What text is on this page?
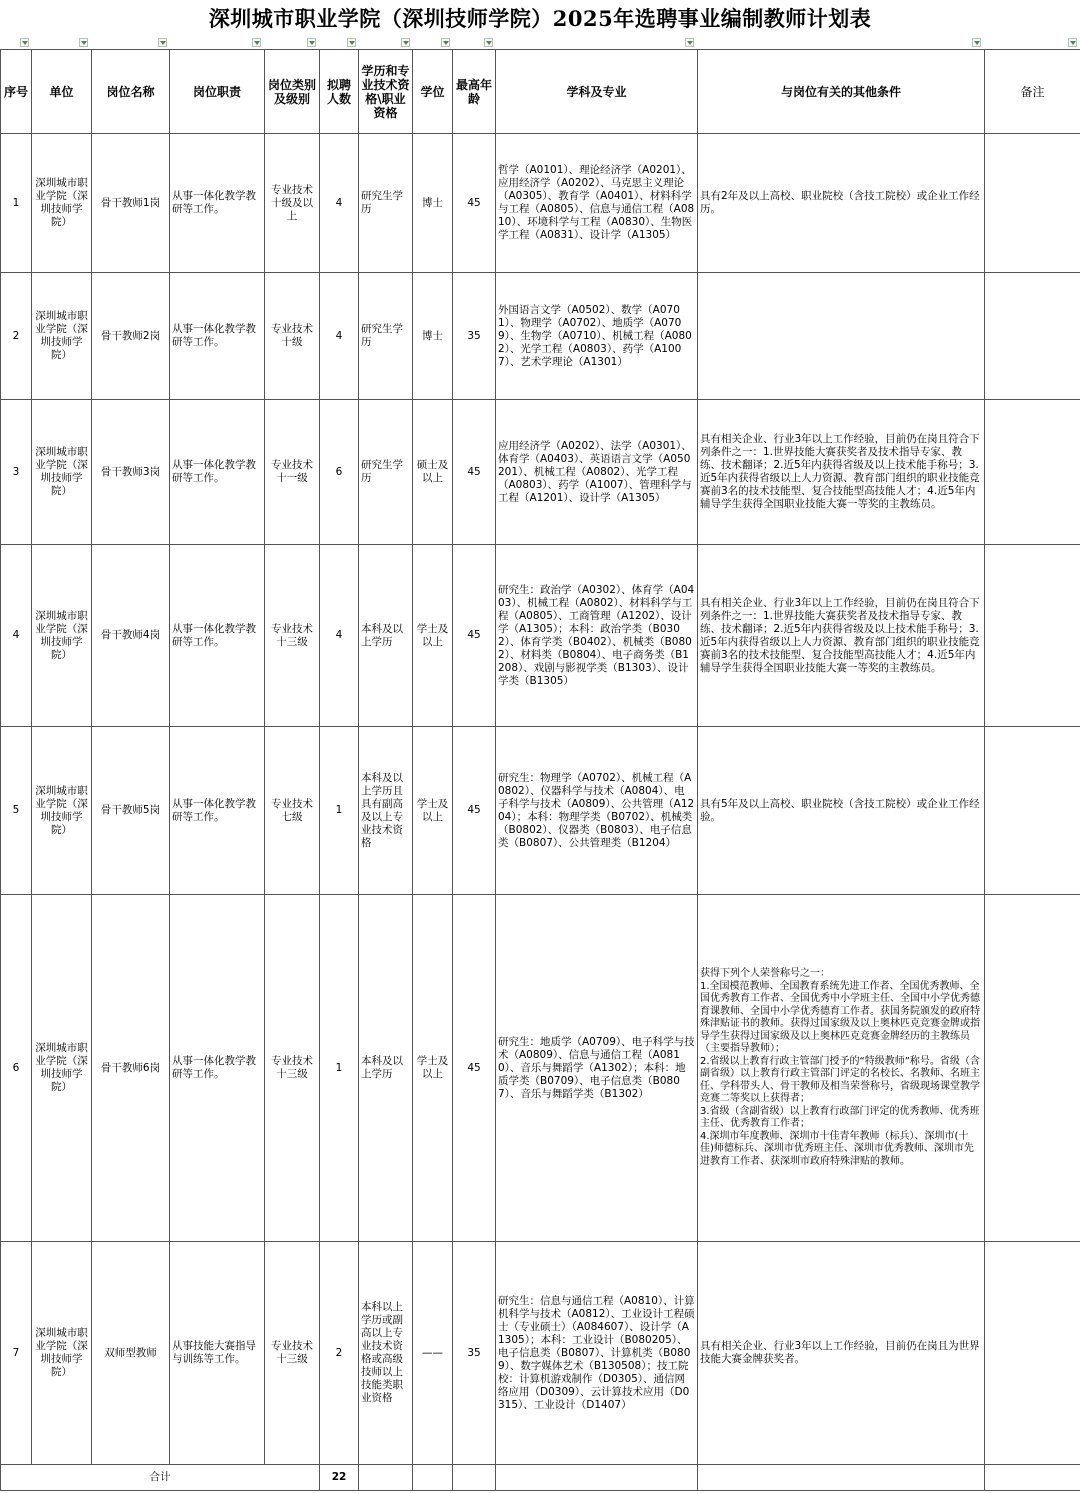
深圳城市职业学院（深圳技师学院）2025年选聘事业编制教师计划表
序号	单位	岗位名称	岗位职责	岗位类别及级别	拟聘人数	学历和专业技术资格\职业资格	学位	最高年龄	学科及专业	与岗位有关的其他条件	备注
1	深圳城市职业学院（深圳技师学院）	骨干教师1岗	从事一体化教学教研等工作。	专业技术十级及以上	4	研究生学历	博士	45	哲学（A0101）、理论经济学（A0201）、应用经济学（A0202）、马克思主义理论（A0305）、教育学（A0401）、材料科学与工程（A0805）、信息与通信工程（A0810）、环境科学与工程（A0830）、生物医学工程（A0831）、设计学（A1305）	具有2年及以上高校、职业院校（含技工院校）或企业工作经历。	
2	深圳城市职业学院（深圳技师学院）	骨干教师2岗	从事一体化教学教研等工作。	专业技术十级	4	研究生学历	博士	35	外国语言文学（A0502）、数学（A0701）、物理学（A0702）、地质学（A0709）、生物学（A0710）、机械工程（A0802）、光学工程（A0803）、药学（A1007）、艺术学理论（A1301）		
3	深圳城市职业学院（深圳技师学院）	骨干教师3岗	从事一体化教学教研等工作。	专业技术十一级	6	研究生学历	硕士及以上	45	应用经济学（A0202）、法学（A0301）、体育学（A0403）、英语语言文学（A050201）、机械工程（A0802）、光学工程（A0803）、药学（A1007）、管理科学与工程（A1201）、设计学（A1305）	具有相关企业、行业3年以上工作经验，目前仍在岗且符合下列条件之一：1.世界技能大赛获奖者及技术指导专家、教练、技术翻译；2.近5年内获得省级及以上技术能手称号；3.近5年内获得省级以上人力资源、教育部门组织的职业技能竞赛前3名的技术技能型、复合技能型高技能人才；4.近5年内辅导学生获得全国职业技能大赛一等奖的主教练员。	
4	深圳城市职业学院（深圳技师学院）	骨干教师4岗	从事一体化教学教研等工作。	专业技术十三级	4	本科及以上学历	学士及以上	45	研究生：政治学（A0302）、体育学（A0403）、机械工程（A0802）、材料科学与工程（A0805）、工商管理（A1202）、设计学（A1305）；本科：政治学类（B0302）、体育学类（B0402）、机械类（B0802）、材料类（B0804）、电子商务类（B1208）、戏剧与影视学类（B1303）、设计学类（B1305）	具有相关企业、行业3年以上工作经验，目前仍在岗且符合下列条件之一：1.世界技能大赛获奖者及技术指导专家、教练、技术翻译；2.近5年内获得省级及以上技术能手称号；3.近5年内获得省级以上人力资源、教育部门组织的职业技能竞赛前3名的技术技能型、复合技能型高技能人才；4.近5年内辅导学生获得全国职业技能大赛一等奖的主教练员。	
5	深圳城市职业学院（深圳技师学院）	骨干教师5岗	从事一体化教学教研等工作。	专业技术七级	1	本科及以上学历且具有副高及以上专业技术资格	学士及以上	45	研究生：物理学（A0702）、机械工程（A0802）、仪器科学与技术（A0804）、电子科学与技术（A0809）、公共管理（A1204）；本科：物理学类（B0702）、机械类（B0802）、仪器类（B0803）、电子信息类（B0807）、公共管理类（B1204）	具有5年及以上高校、职业院校（含技工院校）或企业工作经验。	
6	深圳城市职业学院（深圳技师学院）	骨干教师6岗	从事一体化教学教研等工作。	专业技术十三级	1	本科及以上学历	学士及以上	45	研究生：地质学（A0709）、电子科学与技术（A0809）、信息与通信工程（A0810）、音乐与舞蹈学（A1302）；本科：地质学类（B0709）、电子信息类（B0807）、音乐与舞蹈学类（B1302）	获得下列个人荣誉称号之一：
1.全国模范教师、全国教育系统先进工作者、全国优秀教师、全国优秀教育工作者、全国优秀中小学班主任、全国中小学优秀德育课教师、全国中小学优秀德育工作者。获国务院颁发的政府特殊津贴证书的教师。获得过国家级及以上奥林匹克竞赛金牌或指导学生获得过国家级及以上奥林匹克竞赛金牌经历的主教练员（主要指导教师）；
2.省级以上教育行政主管部门授予的“特级教师”称号。省级（含副省级）以上教育行政主管部门评定的名校长、名教师、名班主任、学科带头人、骨干教师及相当荣誉称号，省级现场课堂教学竞赛二等奖以上获得者；
3.省级（含副省级）以上教育行政部门评定的优秀教师、优秀班主任、优秀教育工作者；
4.深圳市年度教师、深圳市十佳青年教师（标兵）、深圳市(十佳)师德标兵、深圳市优秀班主任、深圳市优秀教师、深圳市先进教育工作者、获深圳市政府特殊津贴的教师。	
7	深圳城市职业学院（深圳技师学院）	双师型教师	从事技能大赛指导与训练等工作。	专业技术十三级	2	本科以上学历或副高以上专业技术资格或高级技师以上技能类职业资格	——	35	研究生：信息与通信工程（A0810）、计算机科学与技术（A0812）、工业设计工程硕士（专业硕士）（A084607）、设计学（A1305）；本科：工业设计（B080205）、电子信息类（B0807）、计算机类（B0809）、数字媒体艺术（B130508）；技工院校：计算机游戏制作（D0305）、通信网络应用（D0309）、云计算技术应用（D0315）、工业设计（D1407）	具有相关企业、行业3年以上工作经验，目前仍在岗且为世界技能大赛金牌获奖者。	
合计					22						
